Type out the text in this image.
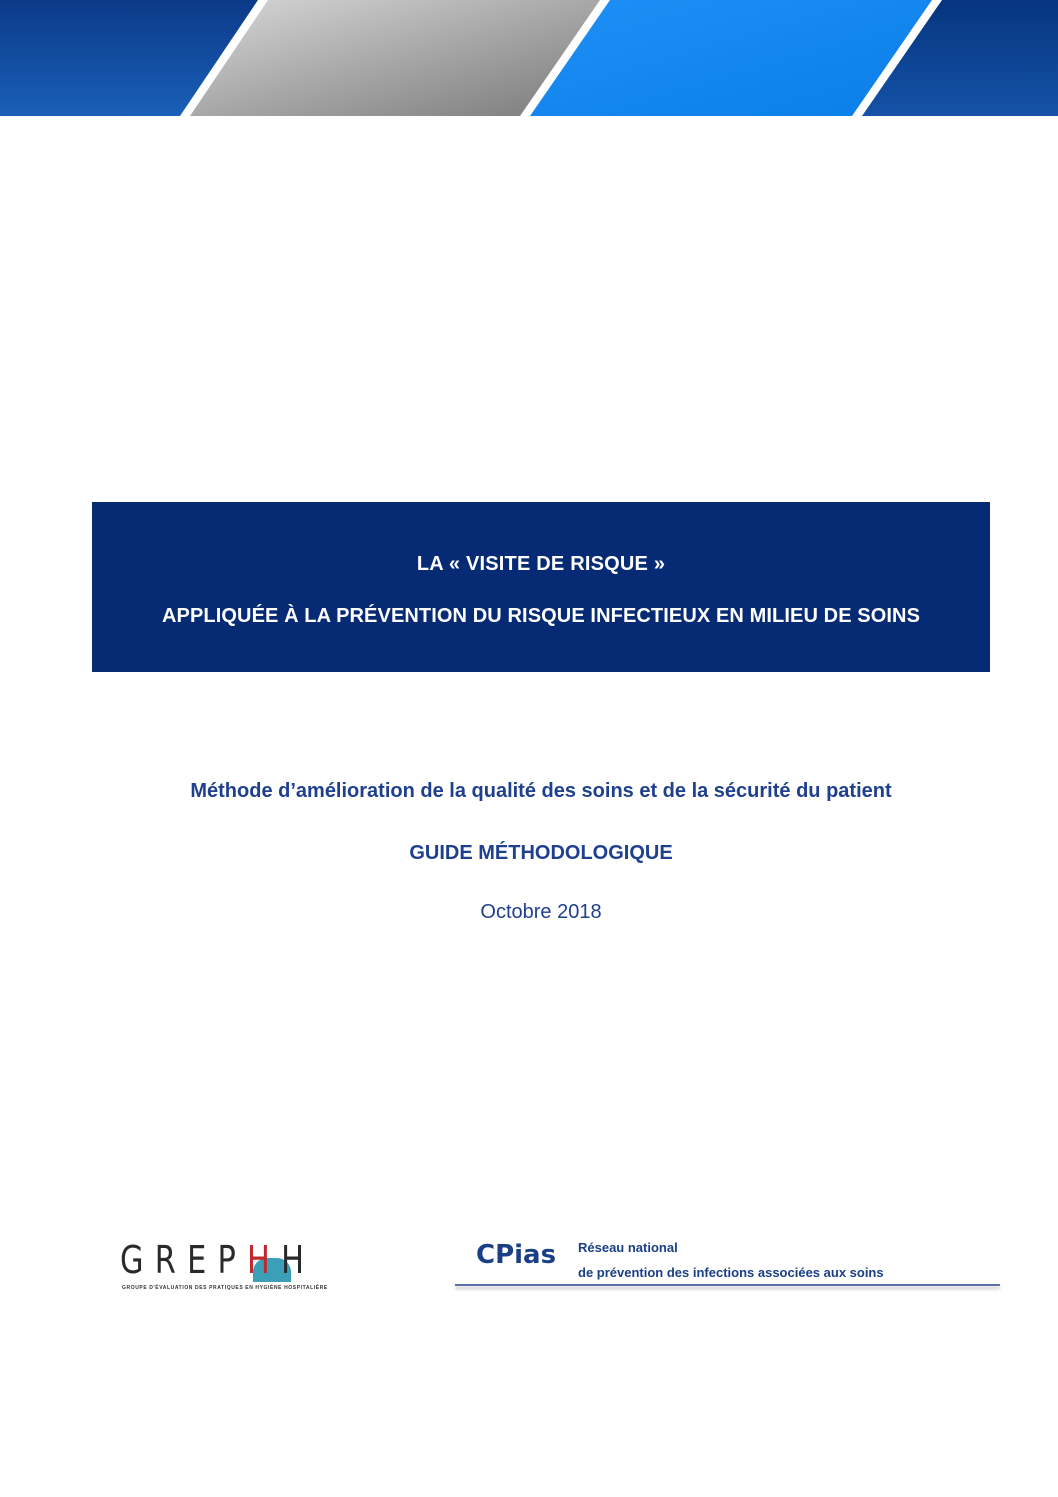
LA « VISITE DE RISQUE »
APPLIQUÉE À LA PRÉVENTION DU RISQUE INFECTIEUX EN MILIEU DE SOINS
Méthode d’amélioration de la qualité des soins et de la sécurité du patient
GUIDE MÉTHODOLOGIQUE
Octobre 2018
G R E P H H
GROUPE D'ÉVALUATION DES PRATIQUES EN HYGIÈNE HOSPITALIÈRE
CPias Réseau national
de prévention des infections associées aux soins
